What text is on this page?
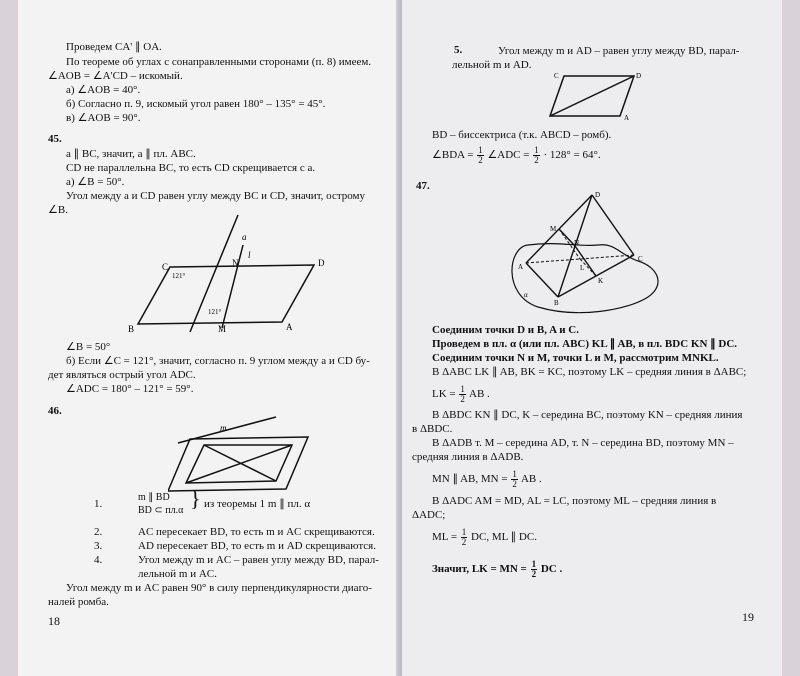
Проведем CA' ∥ OA.
По теореме об углах с сонаправленными сторонами (п. 8) имеем.
∠AOB = ∠A'CD – искомый.
а) ∠AOB = 40°.
б) Согласно п. 9, искомый угол равен 180° – 135° = 45°.
в) ∠AOB = 90°.
45.
a ∥ BC, значит, a ∥ пл. ABC.
CD не параллельна BC, то есть CD скрещивается с a.
а) ∠B = 50°.
Угол между a и CD равен углу между BC и CD, значит, острому
∠B.
a
l
C	N	D
121°
121°
B	M	A
∠B = 50°
б) Если ∠C = 121°, значит, согласно п. 9 углом между a и CD бу-
дет являться острый угол ADC.
∠ADC = 180° – 121° = 59°.
46.
m
1.
m ∥ BD
BD ⊂ пл.α } из теоремы 1 m ∥ пл. α
2.	AC пересекает BD, то есть m и AC скрещиваются.
3.	AD пересекает BD, то есть m и AD скрещиваются.
4.	Угол между m и AC – равен углу между BD, парал-
лельной m и AC.
Угол между m и AC равен 90° в силу перпендикулярности диаго-
налей ромба.
18
5.	Угол между m и AD – равен углу между BD, парал-
лельной m и AD.
C	D
A
BD – биссектриса (т.к. ABCD – ромб).
∠BDA = $\frac{1}{2}$ ∠ADC = $\frac{1}{2} \cdot 128^\circ = 64^\circ$.
47.
D
M
N
A	L
C
K
B
α
Соединим точки D и B, A и C.
Проведем в пл. α (или пл. ABC) KL ∥ AB, в пл. BDC KN ∥ DC.
Соединим точки N и M, точки L и M, рассмотрим MNKL.
В ΔABC LK ∥ AB, BK = KC, поэтому LK – средняя линия в ΔABC;
LK = $\frac{1}{2}$ AB .
В ΔBDC KN ∥ DC, K – середина BC, поэтому KN – средняя линия
в ΔBDC.
В ΔADB т. M – середина AD, т. N – середина BD, поэтому MN –
средняя линия в ΔADB.
MN ∥ AB, MN = $\frac{1}{2}$ AB .
В ΔADC AM = MD, AL = LC, поэтому ML – средняя линия в
ΔADC;
ML = $\frac{1}{2}$ DC, ML ∥ DC.
Значит, LK = MN = $\frac{1}{2}$ DC .
19
